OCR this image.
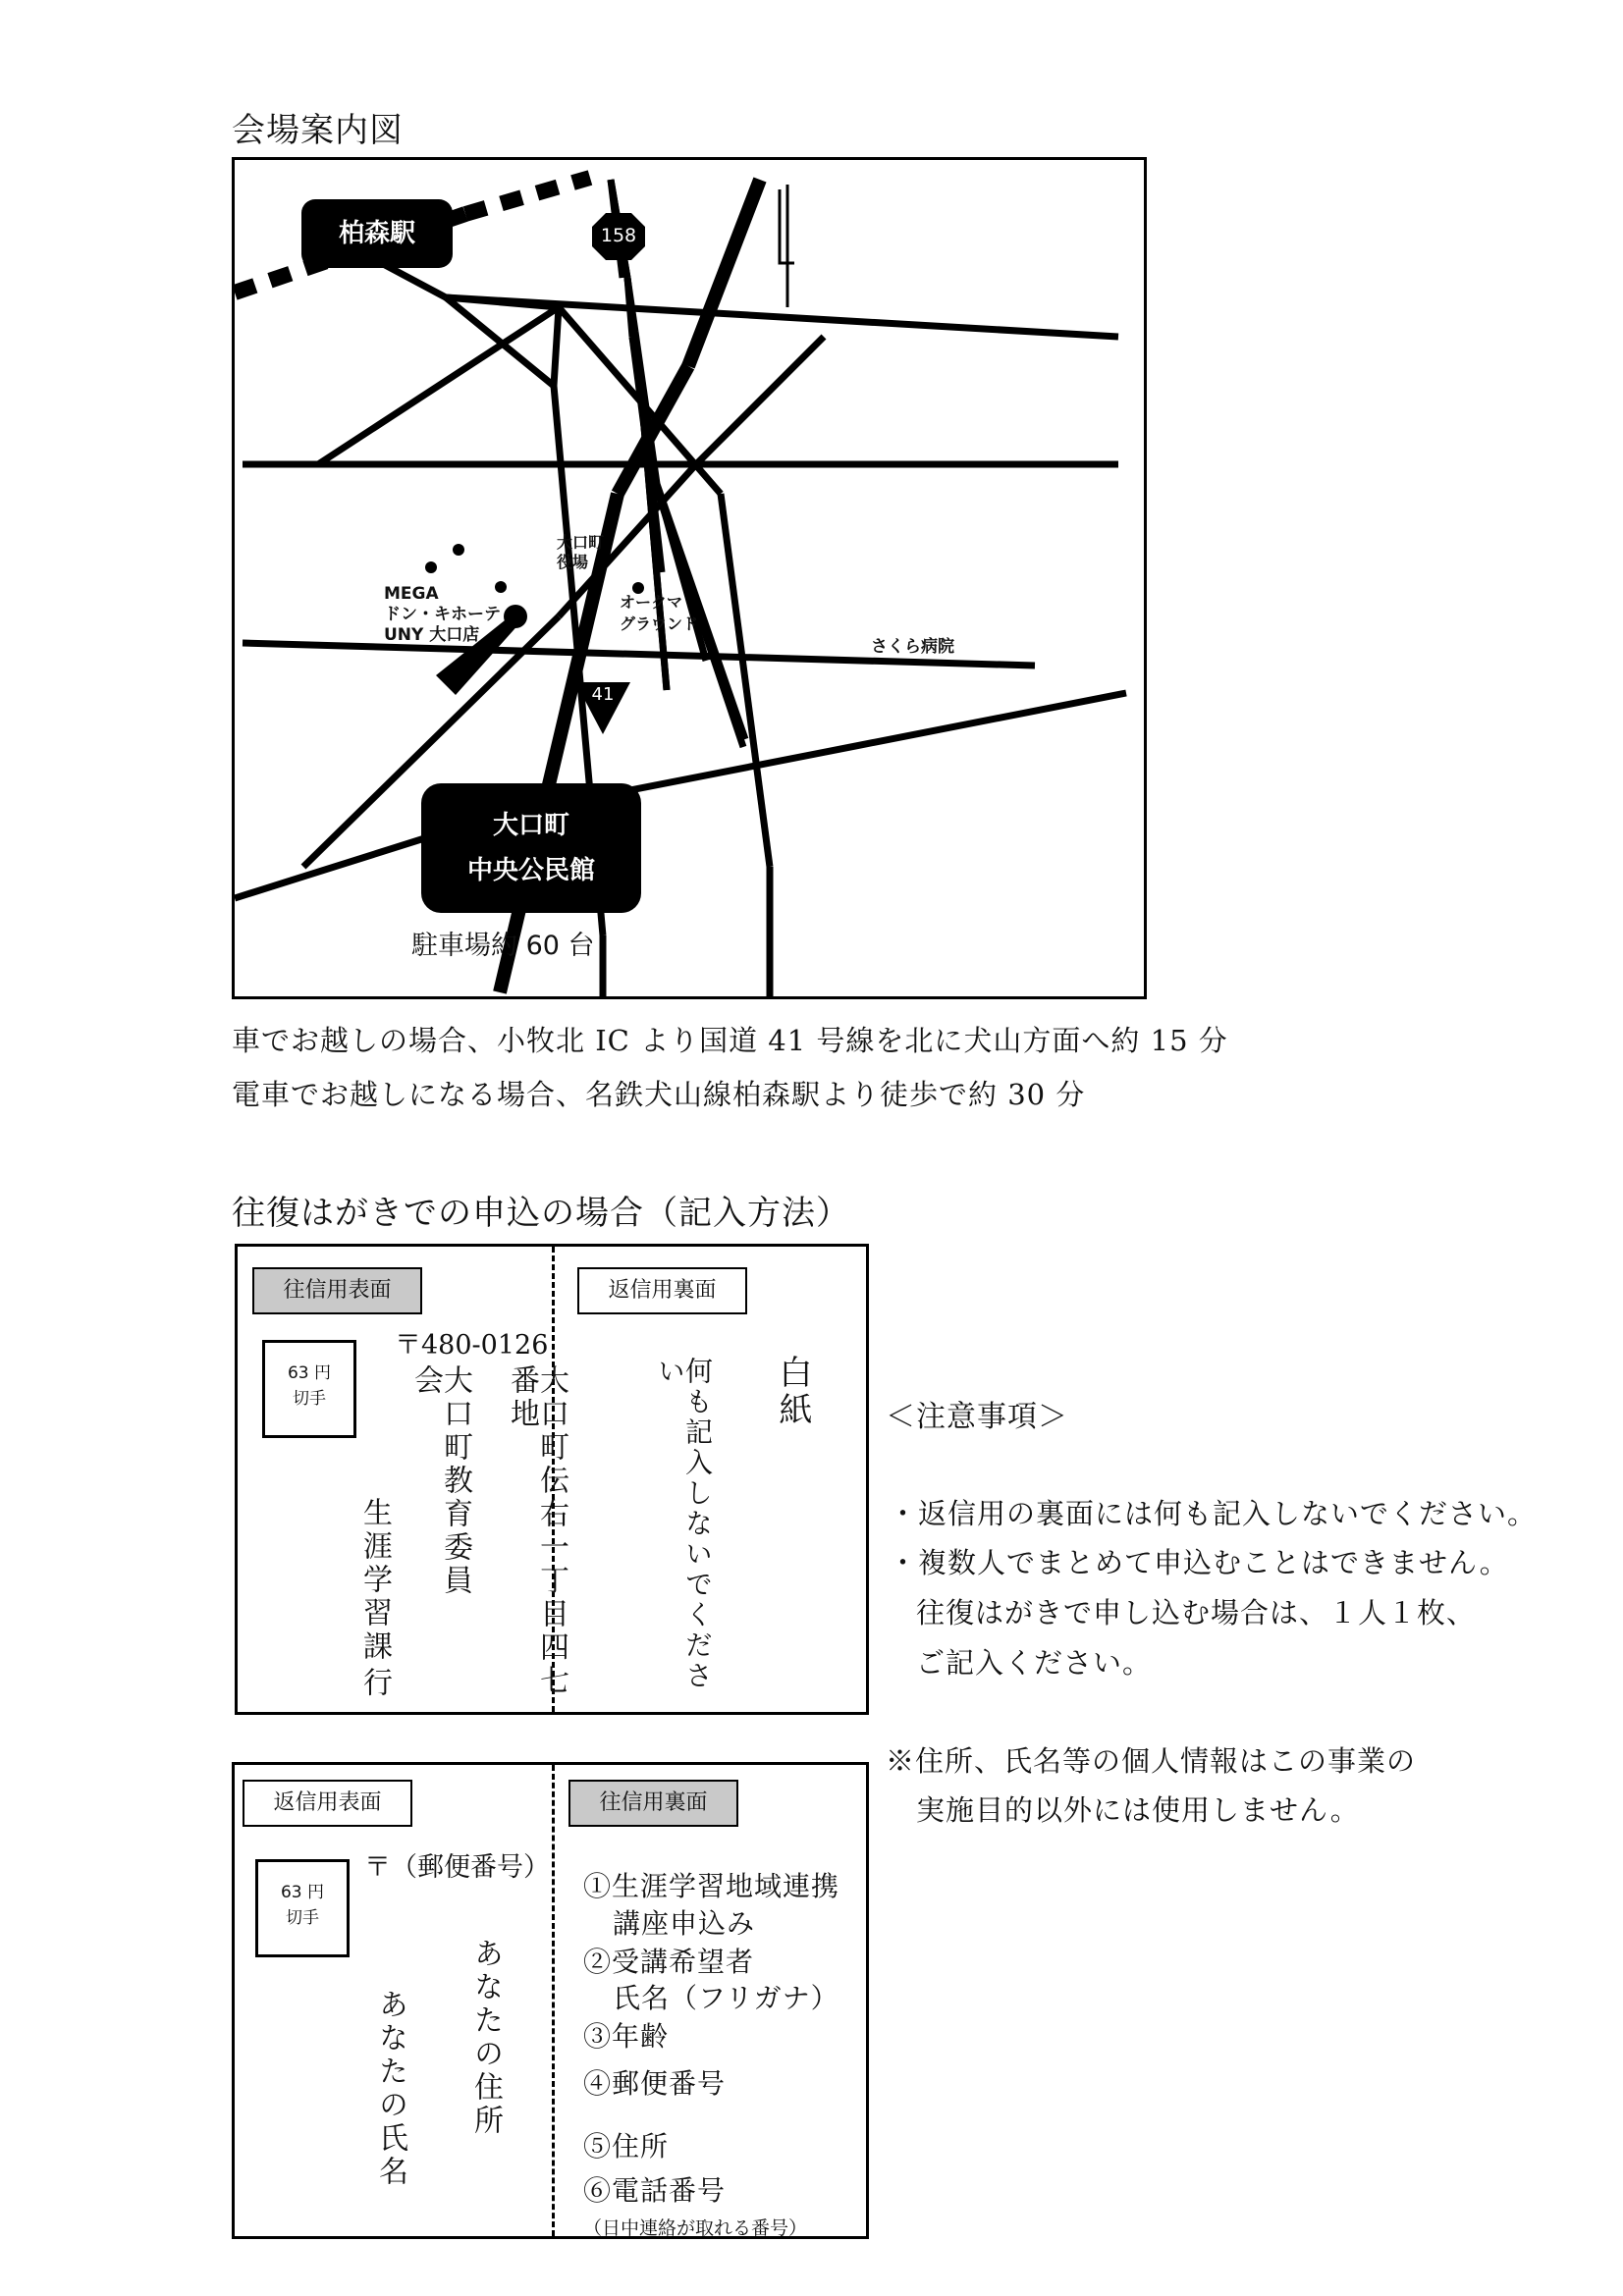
会場案内図
柏森駅	158
41
大口町
役場
MEGA
ドン・キホーテ
UNY 大口店
オークマ
グラウンド
さくら病院
大口町
中央公民館
駐車場約 60 台
車でお越しの場合、小牧北 IC より国道 41 号線を北に犬山方面へ約 15 分
電車でお越しになる場合、名鉄犬山線柏森駅より徒歩で約 30 分
往復はがきでの申込の場合（記入方法）
往信用表面	返信用裏面
63 円
切手
〒480-0126
大口町伝右一丁目四七番地
大口町教育委員会
生涯学習課
行
白紙
何も記入しないでください
返信用表面	往信用裏面
63 円
切手
〒（郵便番号）
あなたの住所
あなたの氏名
①生涯学習地域連携
講座申込み
②受講希望者
氏名（フリガナ）
③年齢
④郵便番号
⑤住所
⑥電話番号
（日中連絡が取れる番号）
＜注意事項＞
・返信用の裏面には何も記入しないでください。
・複数人でまとめて申込むことはできません。
往復はがきで申し込む場合は、１人１枚、
ご記入ください。
※住所、氏名等の個人情報はこの事業の
実施目的以外には使用しません。
